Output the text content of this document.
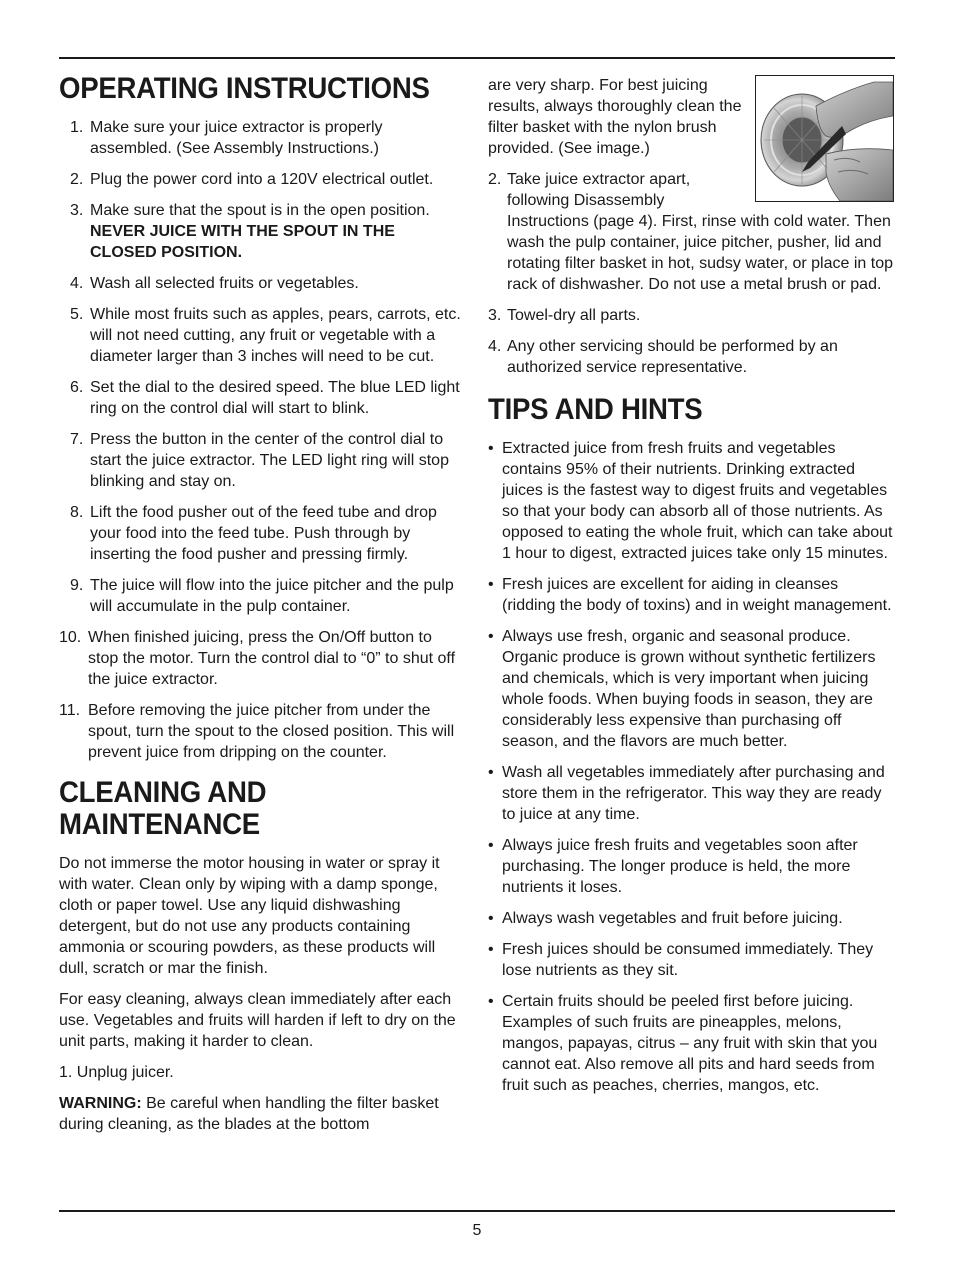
OPERATING INSTRUCTIONS
1. Make sure your juice extractor is properly assembled. (See Assembly Instructions.)
2. Plug the power cord into a 120V electrical outlet.
3. Make sure that the spout is in the open position. NEVER JUICE WITH THE SPOUT IN THE CLOSED POSITION.
4. Wash all selected fruits or vegetables.
5. While most fruits such as apples, pears, carrots, etc. will not need cutting, any fruit or vegetable with a diameter larger than 3 inches will need to be cut.
6. Set the dial to the desired speed. The blue LED light ring on the control dial will start to blink.
7. Press the button in the center of the control dial to start the juice extractor. The LED light ring will stop blinking and stay on.
8. Lift the food pusher out of the feed tube and drop your food into the feed tube. Push through by inserting the food pusher and pressing firmly.
9. The juice will flow into the juice pitcher and the pulp will accumulate in the pulp container.
10. When finished juicing, press the On/Off button to stop the motor. Turn the control dial to “0” to shut off the juice extractor.
11. Before removing the juice pitcher from under the spout, turn the spout to the closed position. This will prevent juice from dripping on the counter.
CLEANING AND
MAINTENANCE

Do not immerse the motor housing in water or spray it with water. Clean only by wiping with a damp sponge, cloth or paper towel. Use any liquid dishwashing detergent, but do not use any products containing ammonia or scouring powders, as these products will dull, scratch or mar the finish.

For easy cleaning, always clean immediately after each use. Vegetables and fruits will harden if left to dry on the unit parts, making it harder to clean.

1. Unplug juicer.

WARNING: Be careful when handling the filter basket during cleaning, as the blades at the bottom

are very sharp. For best juicing results, always thoroughly clean the filter basket with the nylon brush provided. (See image.)

2. Take juice extractor apart, following Disassembly
Instructions (page 4). First, rinse with cold water. Then wash the pulp container, juice pitcher, pusher, lid and rotating filter basket in hot, sudsy water, or place in top rack of dishwasher. Do not use a metal brush or pad.
3. Towel-dry all parts.
4. Any other servicing should be performed by an authorized service representative.
TIPS AND HINTS
• Extracted juice from fresh fruits and vegetables contains 95% of their nutrients. Drinking extracted juices is the fastest way to digest fruits and vegetables so that your body can absorb all of those nutrients. As opposed to eating the whole fruit, which can take about 1 hour to digest, extracted juices take only 15 minutes.
• Fresh juices are excellent for aiding in cleanses (ridding the body of toxins) and in weight management.
• Always use fresh, organic and seasonal produce. Organic produce is grown without synthetic fertilizers and chemicals, which is very important when juicing whole foods. When buying foods in season, they are considerably less expensive than purchasing off season, and the flavors are much better.
• Wash all vegetables immediately after purchasing and store them in the refrigerator. This way they are ready to juice at any time.
• Always juice fresh fruits and vegetables soon after purchasing. The longer produce is held, the more nutrients it loses.
• Always wash vegetables and fruit before juicing.
• Fresh juices should be consumed immediately. They lose nutrients as they sit.
• Certain fruits should be peeled first before juicing. Examples of such fruits are pineapples, melons, mangos, papayas, citrus – any fruit with skin that you cannot eat. Also remove all pits and hard seeds from fruit such as peaches, cherries, mangos, etc.
5
